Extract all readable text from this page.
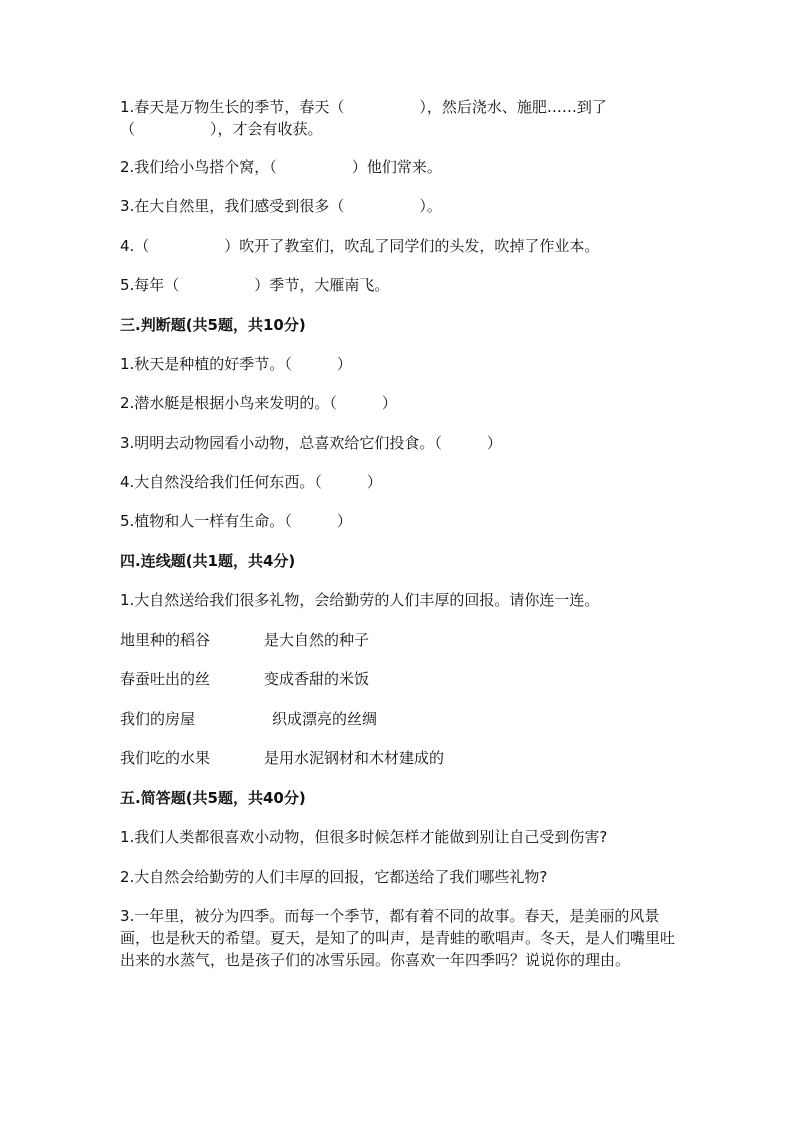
1.春天是万物生长的季节，春天（　　　　　），然后浇水、施肥……到了（　　　　　），才会有收获。

2.我们给小鸟搭个窝，（　　　　　）他们常来。

3.在大自然里，我们感受到很多（　　　　　）。

4.（　　　　　）吹开了教室们，吹乱了同学们的头发，吹掉了作业本。

5.每年（　　　　　）季节，大雁南飞。

三.判断题(共5题，共10分)

1.秋天是种植的好季节。（　　　）

2.潜水艇是根据小鸟来发明的。（　　　）

3.明明去动物园看小动物，总喜欢给它们投食。（　　　）

4.大自然没给我们任何东西。（　　　）

5.植物和人一样有生命。（　　　）

四.连线题(共1题，共4分)

1.大自然送给我们很多礼物，会给勤劳的人们丰厚的回报。请你连一连。

地里种的稻谷	是大自然的种子
春蚕吐出的丝	变成香甜的米饭
我们的房屋	织成漂亮的丝绸
我们吃的水果	是用水泥钢材和木材建成的

五.简答题(共5题，共40分)

1.我们人类都很喜欢小动物，但很多时候怎样才能做到别让自己受到伤害?

2.大自然会给勤劳的人们丰厚的回报，它都送给了我们哪些礼物?

3.一年里，被分为四季。而每一个季节，都有着不同的故事。春天，是美丽的风景画，也是秋天的希望。夏天，是知了的叫声，是青蛙的歌唱声。冬天，是人们嘴里吐出来的水蒸气，也是孩子们的冰雪乐园。你喜欢一年四季吗？说说你的理由。
